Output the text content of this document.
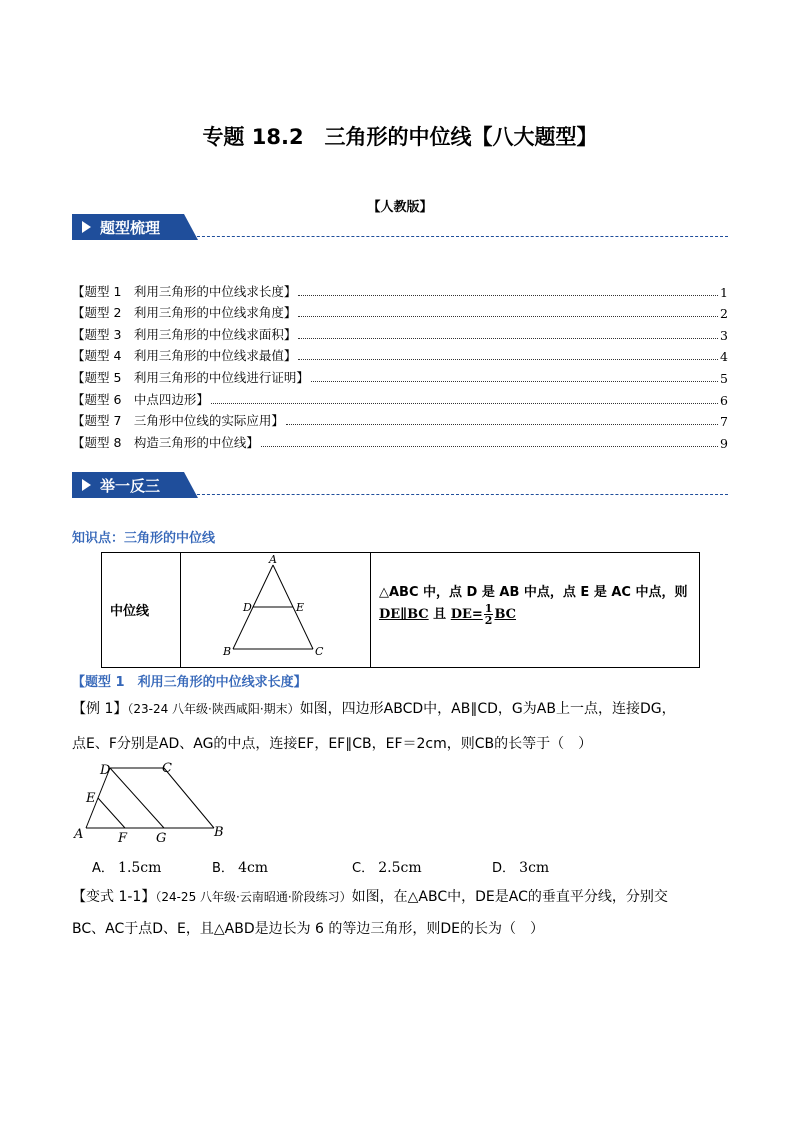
专题 18.2　三角形的中位线【八大题型】
【人教版】
题型梳理
【题型 1　利用三角形的中位线求长度】	1
【题型 2　利用三角形的中位线求角度】	2
【题型 3　利用三角形的中位线求面积】	3
【题型 4　利用三角形的中位线求最值】	4
【题型 5　利用三角形的中位线进行证明】	5
【题型 6　中点四边形】	6
【题型 7　三角形中位线的实际应用】	7
【题型 8　构造三角形的中位线】	9
举一反三
知识点：三角形的中位线
中位线
A
B	C
D	E
△ABC 中，点 D 是 AB 中点，点 E 是 AC 中点，则
DE∥BC 且 $DE= \frac{1}{2}$ BC
【题型 1　利用三角形的中位线求长度】
【例 1】（23-24 八年级·陕西咸阳·期末）如图，四边形ABCD中，AB∥CD，G为AB上一点，连接DG，
点E、F分别是AD、AG的中点，连接EF，EF∥CB，EF＝2cm，则CB的长等于（　）
A	B
C
D
E
F G
A． 1.5cm	B． 4cm	C． 2.5cm	D． 3cm
【变式 1-1】（24-25 八年级·云南昭通·阶段练习）如图，在△ABC中，DE是AC的垂直平分线，分别交
BC、AC于点D、E，且△ABD是边长为 6 的等边三角形，则DE的长为（　）
